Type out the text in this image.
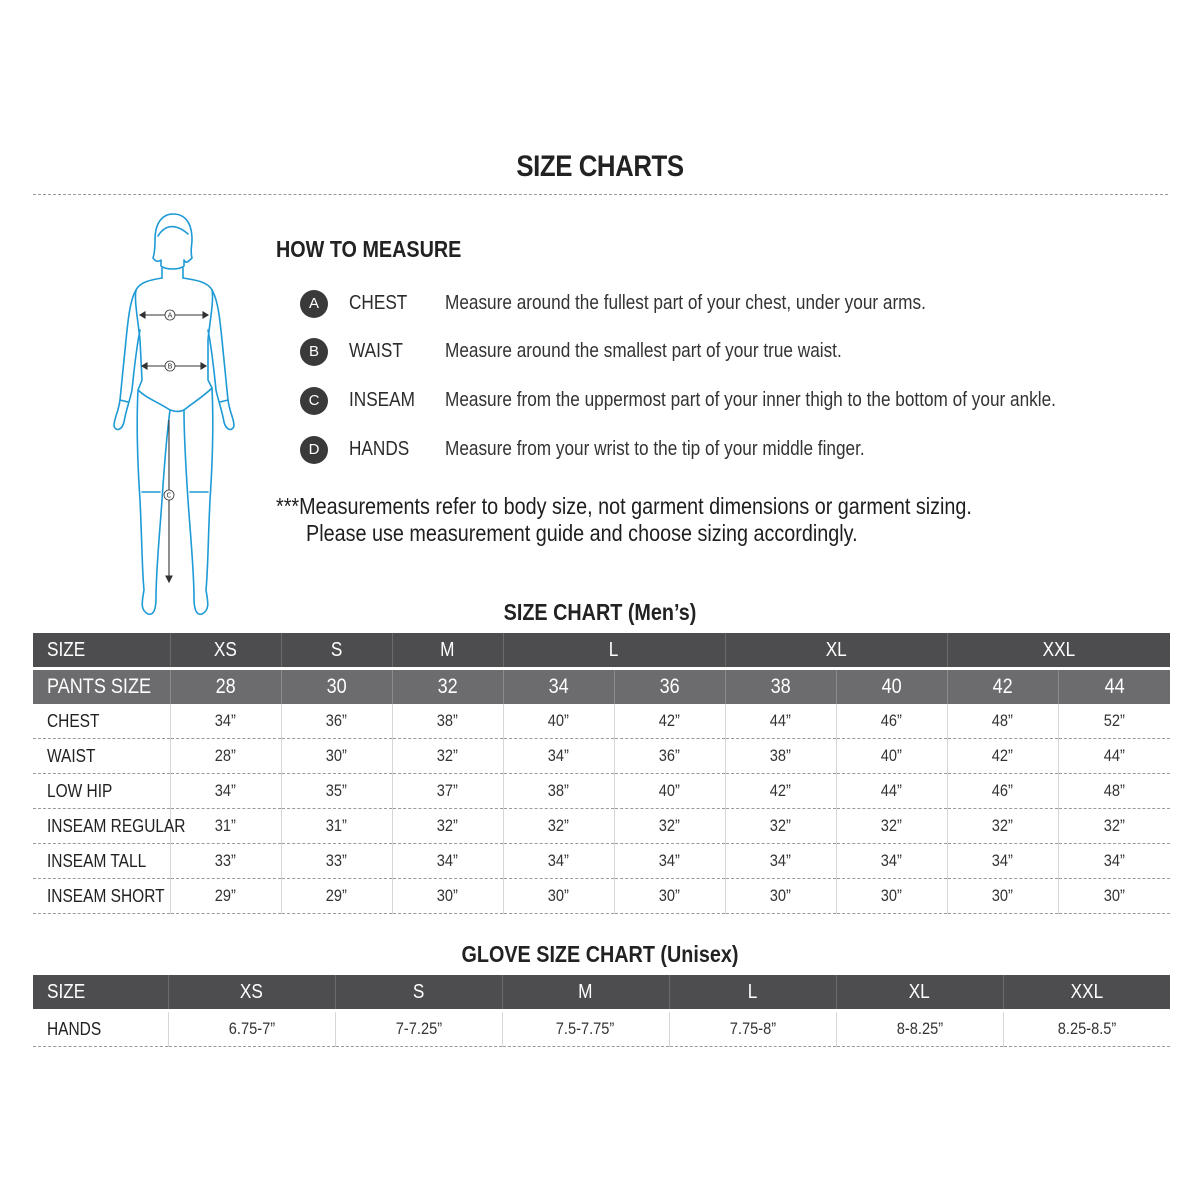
SIZE CHARTS
A
B
C
HOW TO MEASURE
A	CHEST Measure around the fullest part of your chest, under your arms.
B	WAIST Measure around the smallest part of your true waist.
C	INSEAM Measure from the uppermost part of your inner thigh to the bottom of your ankle.
D	HANDS Measure from your wrist to the tip of your middle finger.
***Measurements refer to body size, not garment dimensions or garment sizing.
Please use measurement guide and choose sizing accordingly.
SIZE CHART (Men’s)
SIZE	XS	S	M	L		XL		XXL	
PANTS SIZE	28	30	32	34	36	38	40	42	44
CHEST	34”	36”	38”	40”	42”	44”	46”	48”	52”
WAIST	28”	30”	32”	34”	36”	38”	40”	42”	44”
LOW HIP	34”	35”	37”	38”	40”	42”	44”	46”	48”
INSEAM REGULAR	31”	31”	32”	32”	32”	32”	32”	32”	32”
INSEAM TALL	33”	33”	34”	34”	34”	34”	34”	34”	34”
INSEAM SHORT	29”	29”	30”	30”	30”	30”	30”	30”	30”
GLOVE SIZE CHART (Unisex)
SIZE	XS	S	M	L	XL	XXL
HANDS	6.75-7”	7-7.25”	7.5-7.75”	7.75-8”	8-8.25”	8.25-8.5”
